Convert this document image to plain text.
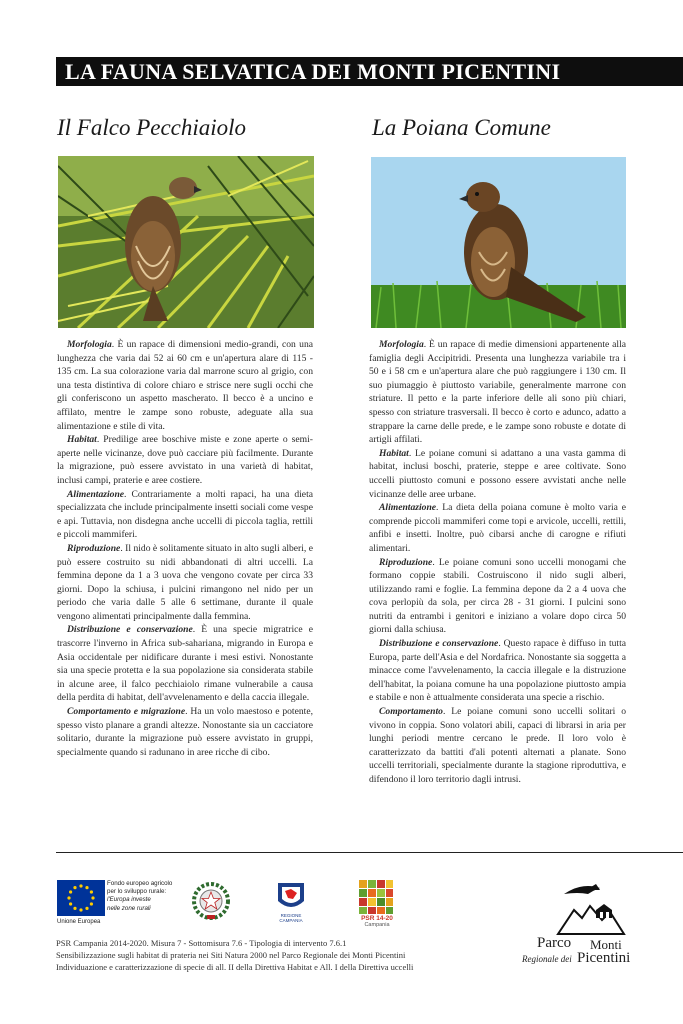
LA FAUNA SELVATICA DEI MONTI PICENTINI
Il Falco Pecchiaiolo	La Poiana Comune

Morfologia. È un rapace di dimensioni medio-grandi, con una lunghezza che varia dai 52 ai 60 cm e un'apertura alare di 115 - 135 cm. La sua colorazione varia dal marrone scuro al grigio, con una testa distintiva di colore chiaro e strisce nere sugli occhi che gli conferiscono un aspetto mascherato. Il becco è a uncino e affilato, mentre le zampe sono robuste, adeguate alla sua alimentazione e stile di vita.

Habitat. Predilige aree boschive miste e zone aperte o semi-aperte nelle vicinanze, dove può cacciare più facilmente. Durante la migrazione, può essere avvistato in una varietà di habitat, inclusi campi, praterie e aree costiere.

Alimentazione. Contrariamente a molti rapaci, ha una dieta specializzata che include principalmente insetti sociali come vespe e api. Tuttavia, non disdegna anche uccelli di piccola taglia, rettili e piccoli mammiferi.

Riproduzione. Il nido è solitamente situato in alto sugli alberi, e può essere costruito su nidi abbandonati di altri uccelli. La femmina depone da 1 a 3 uova che vengono covate per circa 33 giorni. Dopo la schiusa, i pulcini rimangono nel nido per un periodo che varia dalle 5 alle 6 settimane, durante il quale vengono alimentati principalmente dalla femmina.

Distribuzione e conservazione. È una specie migratrice e trascorre l'inverno in Africa sub-sahariana, migrando in Europa e Asia occidentale per nidificare durante i mesi estivi. Nonostante sia una specie protetta e la sua popolazione sia considerata stabile in alcune aree, il falco pecchiaiolo rimane vulnerabile a causa della perdita di habitat, dell'avvelenamento e della caccia illegale.

Comportamento e migrazione. Ha un volo maestoso e potente, spesso visto planare a grandi altezze. Nonostante sia un cacciatore solitario, durante la migrazione può essere avvistato in gruppi, specialmente quando si radunano in aree ricche di cibo.

Morfologia. È un rapace di medie dimensioni appartenente alla famiglia degli Accipitridi. Presenta una lunghezza variabile tra i 50 e i 58 cm e un'apertura alare che può raggiungere i 130 cm. Il suo piumaggio è piuttosto variabile, generalmente marrone con striature. Il petto e la parte inferiore delle ali sono più chiari, spesso con striature trasversali. Il becco è corto e adunco, adatto a strappare la carne delle prede, e le zampe sono robuste e dotate di artigli affilati.

Habitat. Le poiane comuni si adattano a una vasta gamma di habitat, inclusi boschi, praterie, steppe e aree coltivate. Sono uccelli piuttosto comuni e possono essere avvistati anche nelle vicinanze delle aree urbane.

Alimentazione. La dieta della poiana comune è molto varia e comprende piccoli mammiferi come topi e arvicole, uccelli, rettili, anfibi e insetti. Inoltre, può cibarsi anche di carogne e rifiuti alimentari.

Riproduzione. Le poiane comuni sono uccelli monogami che formano coppie stabili. Costruiscono il nido sugli alberi, utilizzando rami e foglie. La femmina depone da 2 a 4 uova che cova perlopiù da sola, per circa 28 - 31 giorni. I pulcini sono nutriti da entrambi i genitori e iniziano a volare dopo circa 50 giorni dalla schiusa.

Distribuzione e conservazione. Questo rapace è diffuso in tutta Europa, parte dell'Asia e del Nordafrica. Nonostante sia soggetta a minacce come l'avvelenamento, la caccia illegale e la distruzione dell'habitat, la poiana comune ha una popolazione piuttosto ampia e stabile e non è attualmente considerata una specie a rischio.

Comportamento. Le poiane comuni sono uccelli solitari o vivono in coppia. Sono volatori abili, capaci di librarsi in aria per lunghi periodi mentre cercano le prede. Il loro volo è caratterizzato da battiti d'ali potenti alternati a planate. Sono uccelli territoriali, specialmente durante la stagione riproduttiva, e difendono il loro territorio dagli intrusi.

Fondo europeo agricolo
per lo sviluppo rurale:
l'Europa investe
nelle zone rurali
Unione Europea
REGIONE CAMPANIA	PSR 14-20
Campania
PSR Campania 2014-2020. Misura 7 - Sottomisura 7.6 - Tipologia di intervento 7.6.1
Sensibilizzazione sugli habitat di prateria nei Siti Natura 2000 nel Parco Regionale dei Monti Picentini
Individuazione e caratterizzazione di specie di all. II della Direttiva Habitat e All. I della Direttiva uccelli
Parco Monti
Regionale dei Picentini
